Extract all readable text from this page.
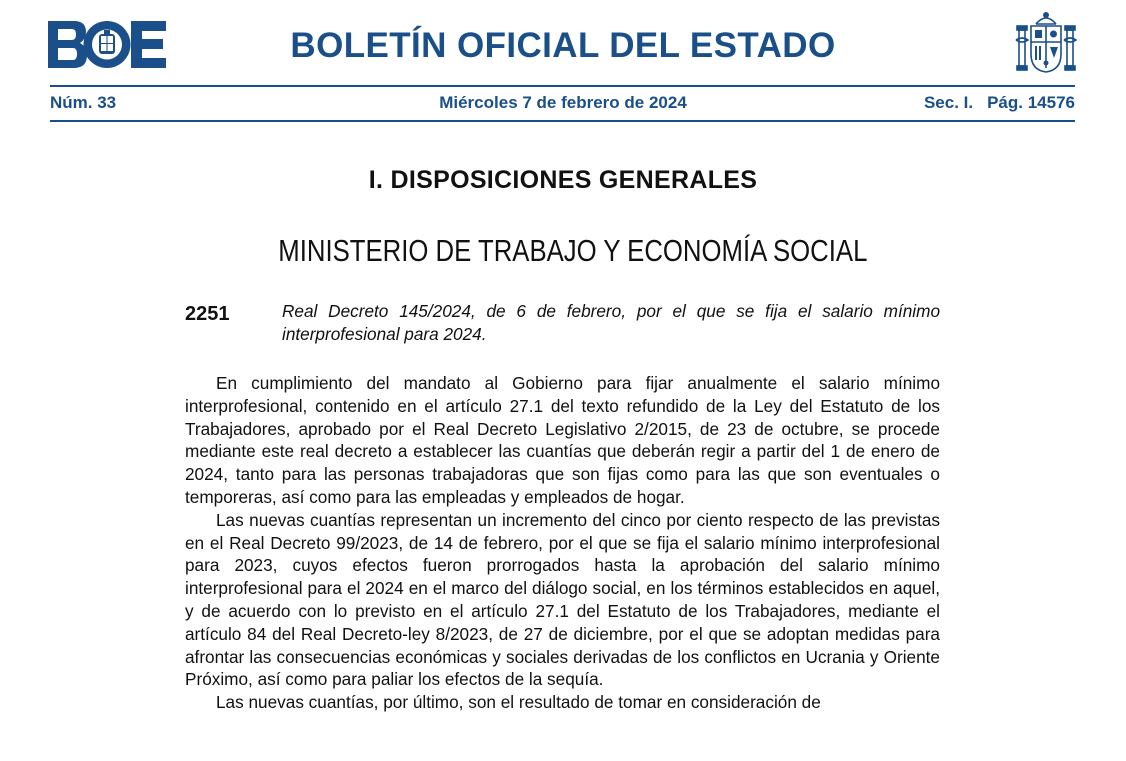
BOLETÍN OFICIAL DEL ESTADO
Núm. 33	Miércoles 7 de febrero de 2024	Sec. I. Pág. 14576
I. DISPOSICIONES GENERALES
MINISTERIO DE TRABAJO Y ECONOMÍA SOCIAL
2251	Real Decreto 145/2024, de 6 de febrero, por el que se fija el salario mínimo interprofesional para 2024.

En cumplimiento del mandato al Gobierno para fijar anualmente el salario mínimo interprofesional, contenido en el artículo 27.1 del texto refundido de la Ley del Estatuto de los Trabajadores, aprobado por el Real Decreto Legislativo 2/2015, de 23 de octubre, se procede mediante este real decreto a establecer las cuantías que deberán regir a partir del 1 de enero de 2024, tanto para las personas trabajadoras que son fijas como para las que son eventuales o temporeras, así como para las empleadas y empleados de hogar.

Las nuevas cuantías representan un incremento del cinco por ciento respecto de las previstas en el Real Decreto 99/2023, de 14 de febrero, por el que se fija el salario mínimo interprofesional para 2023, cuyos efectos fueron prorrogados hasta la aprobación del salario mínimo interprofesional para el 2024 en el marco del diálogo social, en los términos establecidos en aquel, y de acuerdo con lo previsto en el artículo 27.1 del Estatuto de los Trabajadores, mediante el artículo 84 del Real Decreto-ley 8/2023, de 27 de diciembre, por el que se adoptan medidas para afrontar las consecuencias económicas y sociales derivadas de los conflictos en Ucrania y Oriente Próximo, así como para paliar los efectos de la sequía.

Las nuevas cuantías, por último, son el resultado de tomar en consideración de
